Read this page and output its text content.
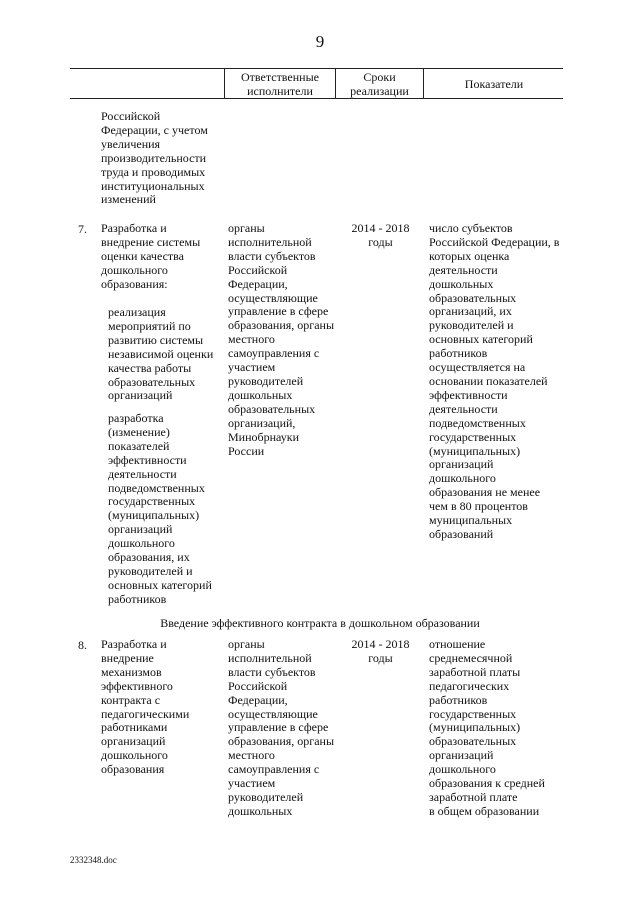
9
Ответственные
исполнители
Сроки
реализации	Показатели
Российской
Федерации, с учетом
увеличения
производительности
труда и проводимых
институциональных
изменений
7. Разработка и
внедрение системы
оценки качества
дошкольного
образования:
реализация
мероприятий по
развитию системы
независимой оценки
качества работы
образовательных
организаций
разработка
(изменение)
показателей
эффективности
деятельности
подведомственных
государственных
(муниципальных)
организаций
дошкольного
образования, их
руководителей и
основных категорий
работников
органы
исполнительной
власти субъектов
Российской
Федерации,
осуществляющие
управление в сфере
образования, органы
местного
самоуправления с
участием
руководителей
дошкольных
образовательных
организаций,
Минобрнауки
России
2014 - 2018
годы
число субъектов
Российской Федерации, в
которых оценка
деятельности
дошкольных
образовательных
организаций, их
руководителей и
основных категорий
работников
осуществляется на
основании показателей
эффективности
деятельности
подведомственных
государственных
(муниципальных)
организаций
дошкольного
образования не менее
чем в 80 процентов
муниципальных
образований
Введение эффективного контракта в дошкольном образовании
8. Разработка и
внедрение
механизмов
эффективного
контракта с
педагогическими
работниками
организаций
дошкольного
образования
органы
исполнительной
власти субъектов
Российской
Федерации,
осуществляющие
управление в сфере
образования, органы
местного
самоуправления с
участием
руководителей
дошкольных
2014 - 2018
годы
отношение
среднемесячной
заработной платы
педагогических
работников
государственных
(муниципальных)
образовательных
организаций
дошкольного
образования к средней
заработной плате
в общем образовании
2332348.doc
